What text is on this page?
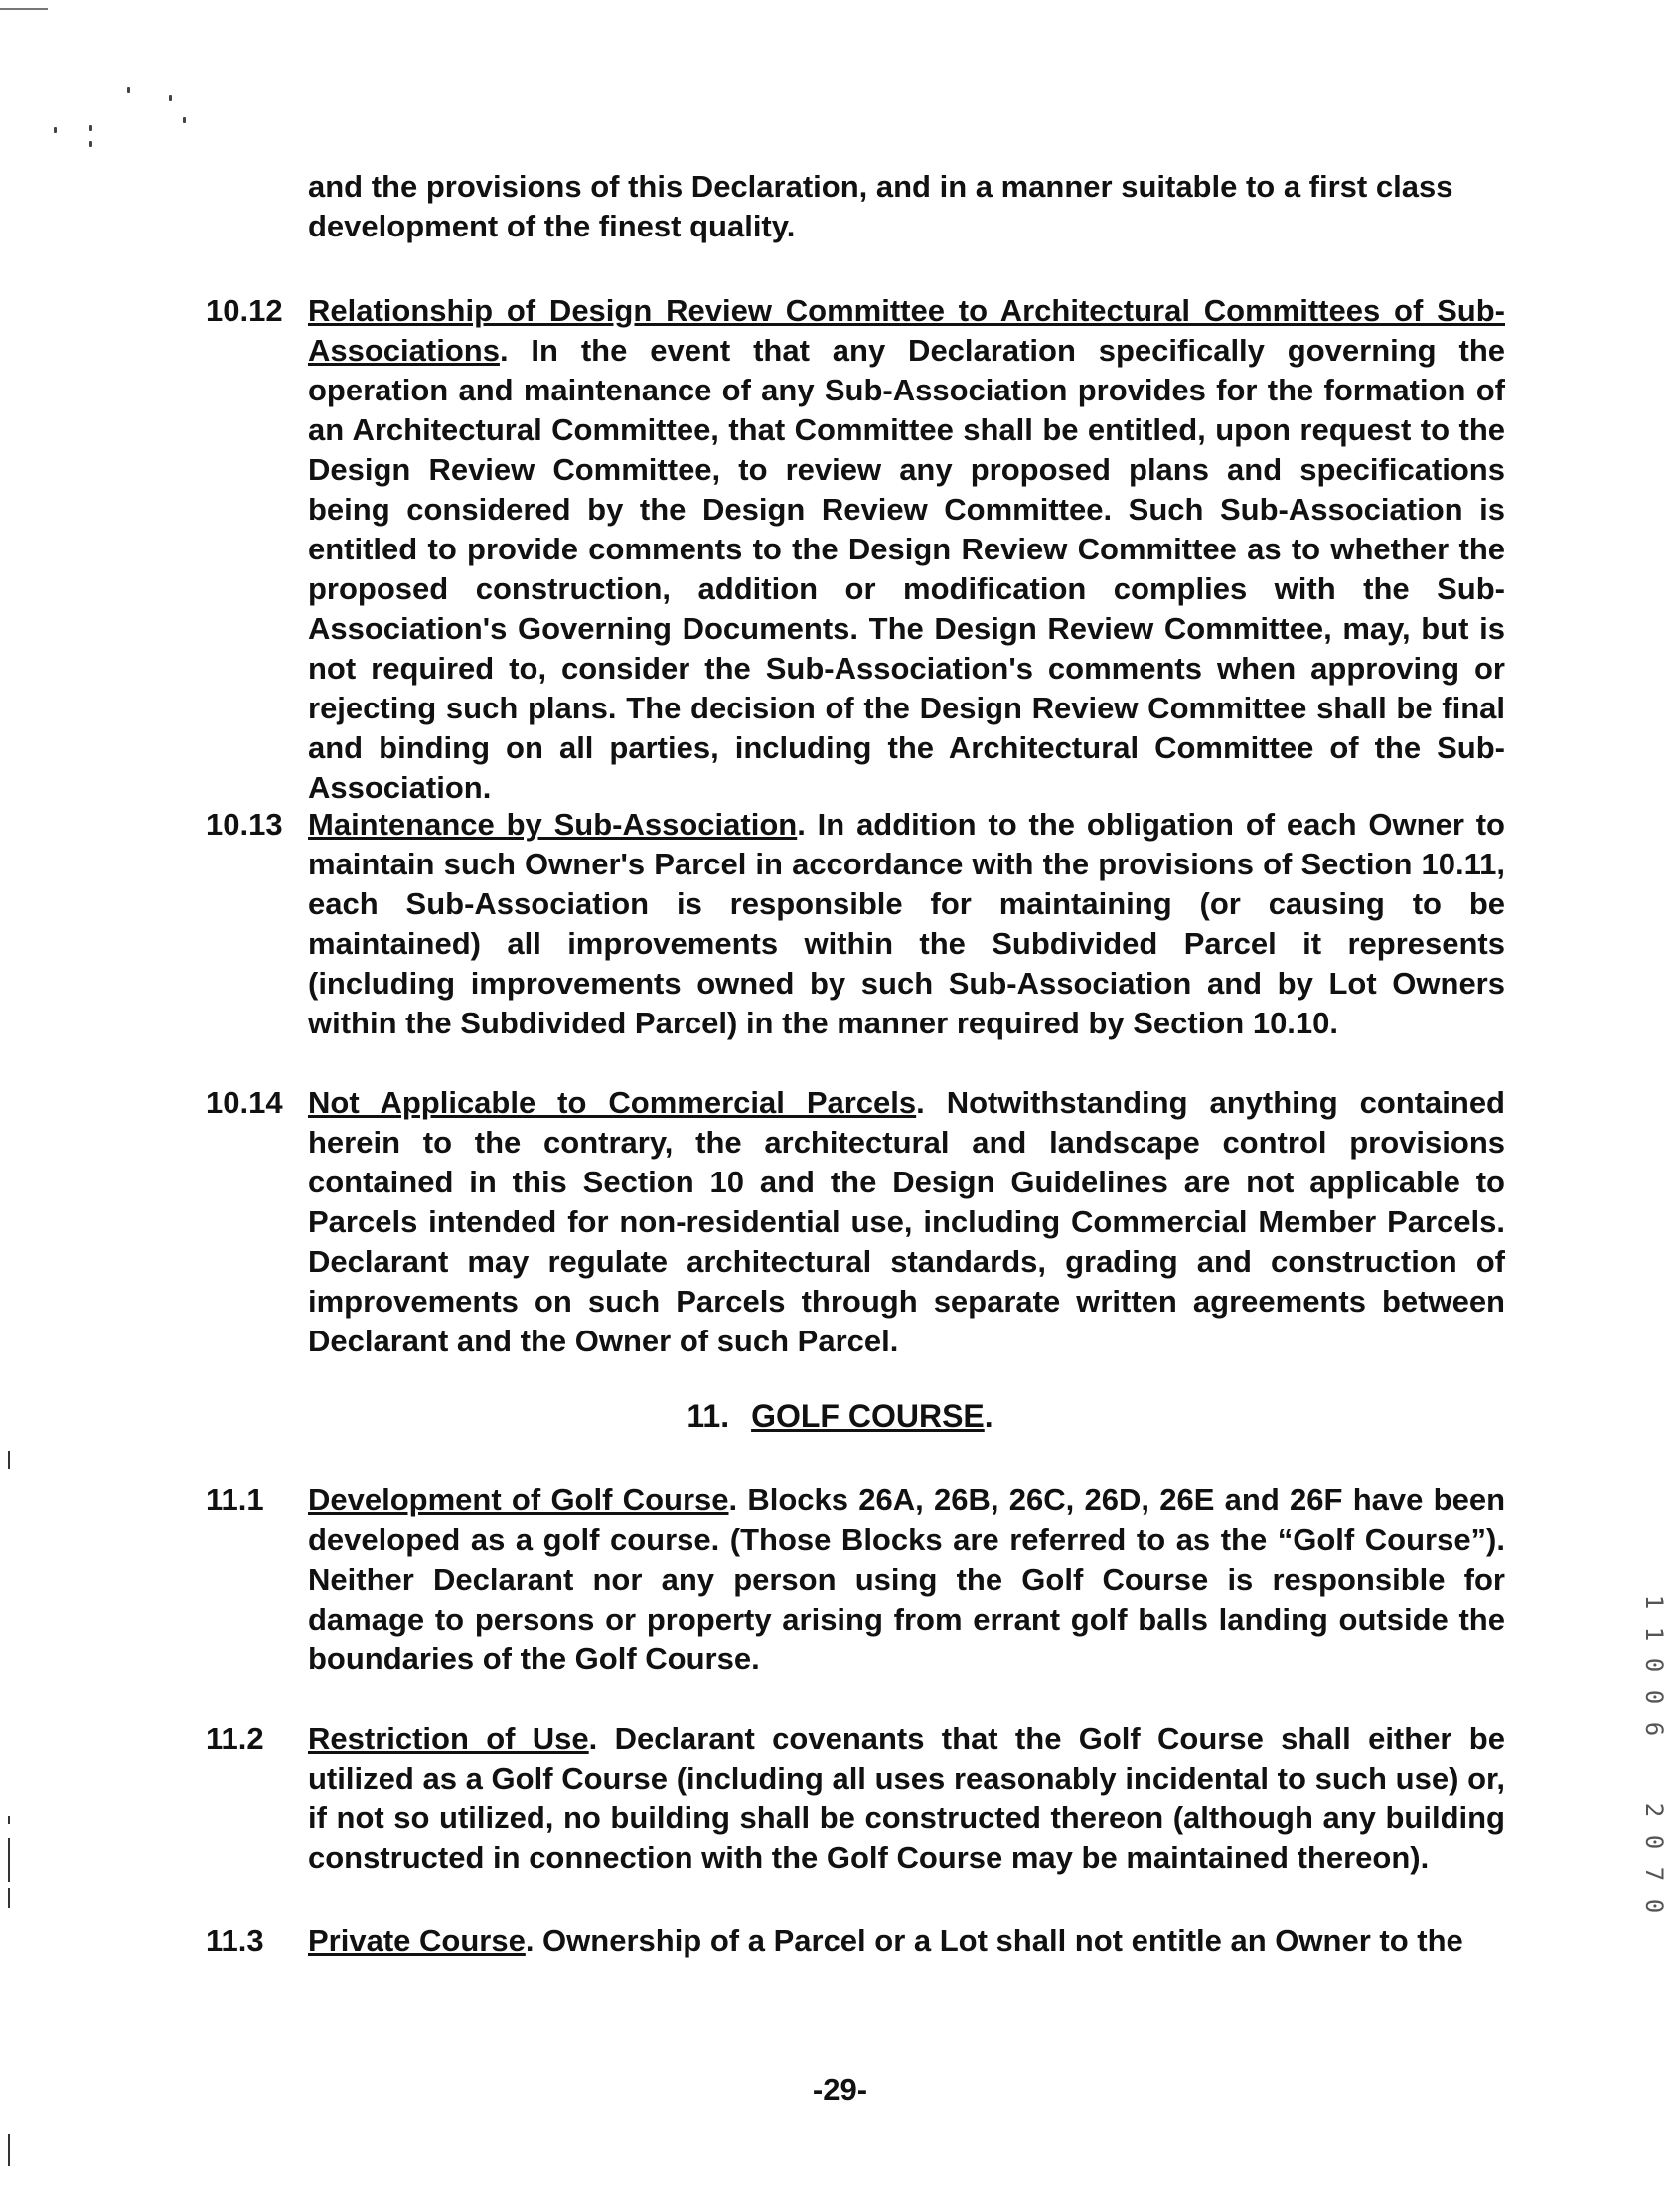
and the provisions of this Declaration, and in a manner suitable to a first class development of the finest quality.
10.12 Relationship of Design Review Committee to Architectural Committees of Sub-Associations. In the event that any Declaration specifically governing the operation and maintenance of any Sub-Association provides for the formation of an Architectural Committee, that Committee shall be entitled, upon request to the Design Review Committee, to review any proposed plans and specifications being considered by the Design Review Committee. Such Sub-Association is entitled to provide comments to the Design Review Committee as to whether the proposed construction, addition or modification complies with the Sub-Association's Governing Documents. The Design Review Committee, may, but is not required to, consider the Sub-Association's comments when approving or rejecting such plans. The decision of the Design Review Committee shall be final and binding on all parties, including the Architectural Committee of the Sub-Association.
10.13 Maintenance by Sub-Association. In addition to the obligation of each Owner to maintain such Owner's Parcel in accordance with the provisions of Section 10.11, each Sub-Association is responsible for maintaining (or causing to be maintained) all improvements within the Subdivided Parcel it represents (including improvements owned by such Sub-Association and by Lot Owners within the Subdivided Parcel) in the manner required by Section 10.10.
10.14 Not Applicable to Commercial Parcels. Notwithstanding anything contained herein to the contrary, the architectural and landscape control provisions contained in this Section 10 and the Design Guidelines are not applicable to Parcels intended for non-residential use, including Commercial Member Parcels. Declarant may regulate architectural standards, grading and construction of improvements on such Parcels through separate written agreements between Declarant and the Owner of such Parcel.
11. GOLF COURSE.
11.1	Development of Golf Course. Blocks 26A, 26B, 26C, 26D, 26E and 26F have been developed as a golf course. (Those Blocks are referred to as the “Golf Course”). Neither Declarant nor any person using the Golf Course is responsible for damage to persons or property arising from errant golf balls landing outside the boundaries of the Golf Course.
11.2	Restriction of Use. Declarant covenants that the Golf Course shall either be utilized as a Golf Course (including all uses reasonably incidental to such use) or, if not so utilized, no building shall be constructed thereon (although any building constructed in connection with the Golf Course may be maintained thereon).
11.3	Private Course. Ownership of a Parcel or a Lot shall not entitle an Owner to the
-29-
1
1
0
0
6
2
0
7
0
